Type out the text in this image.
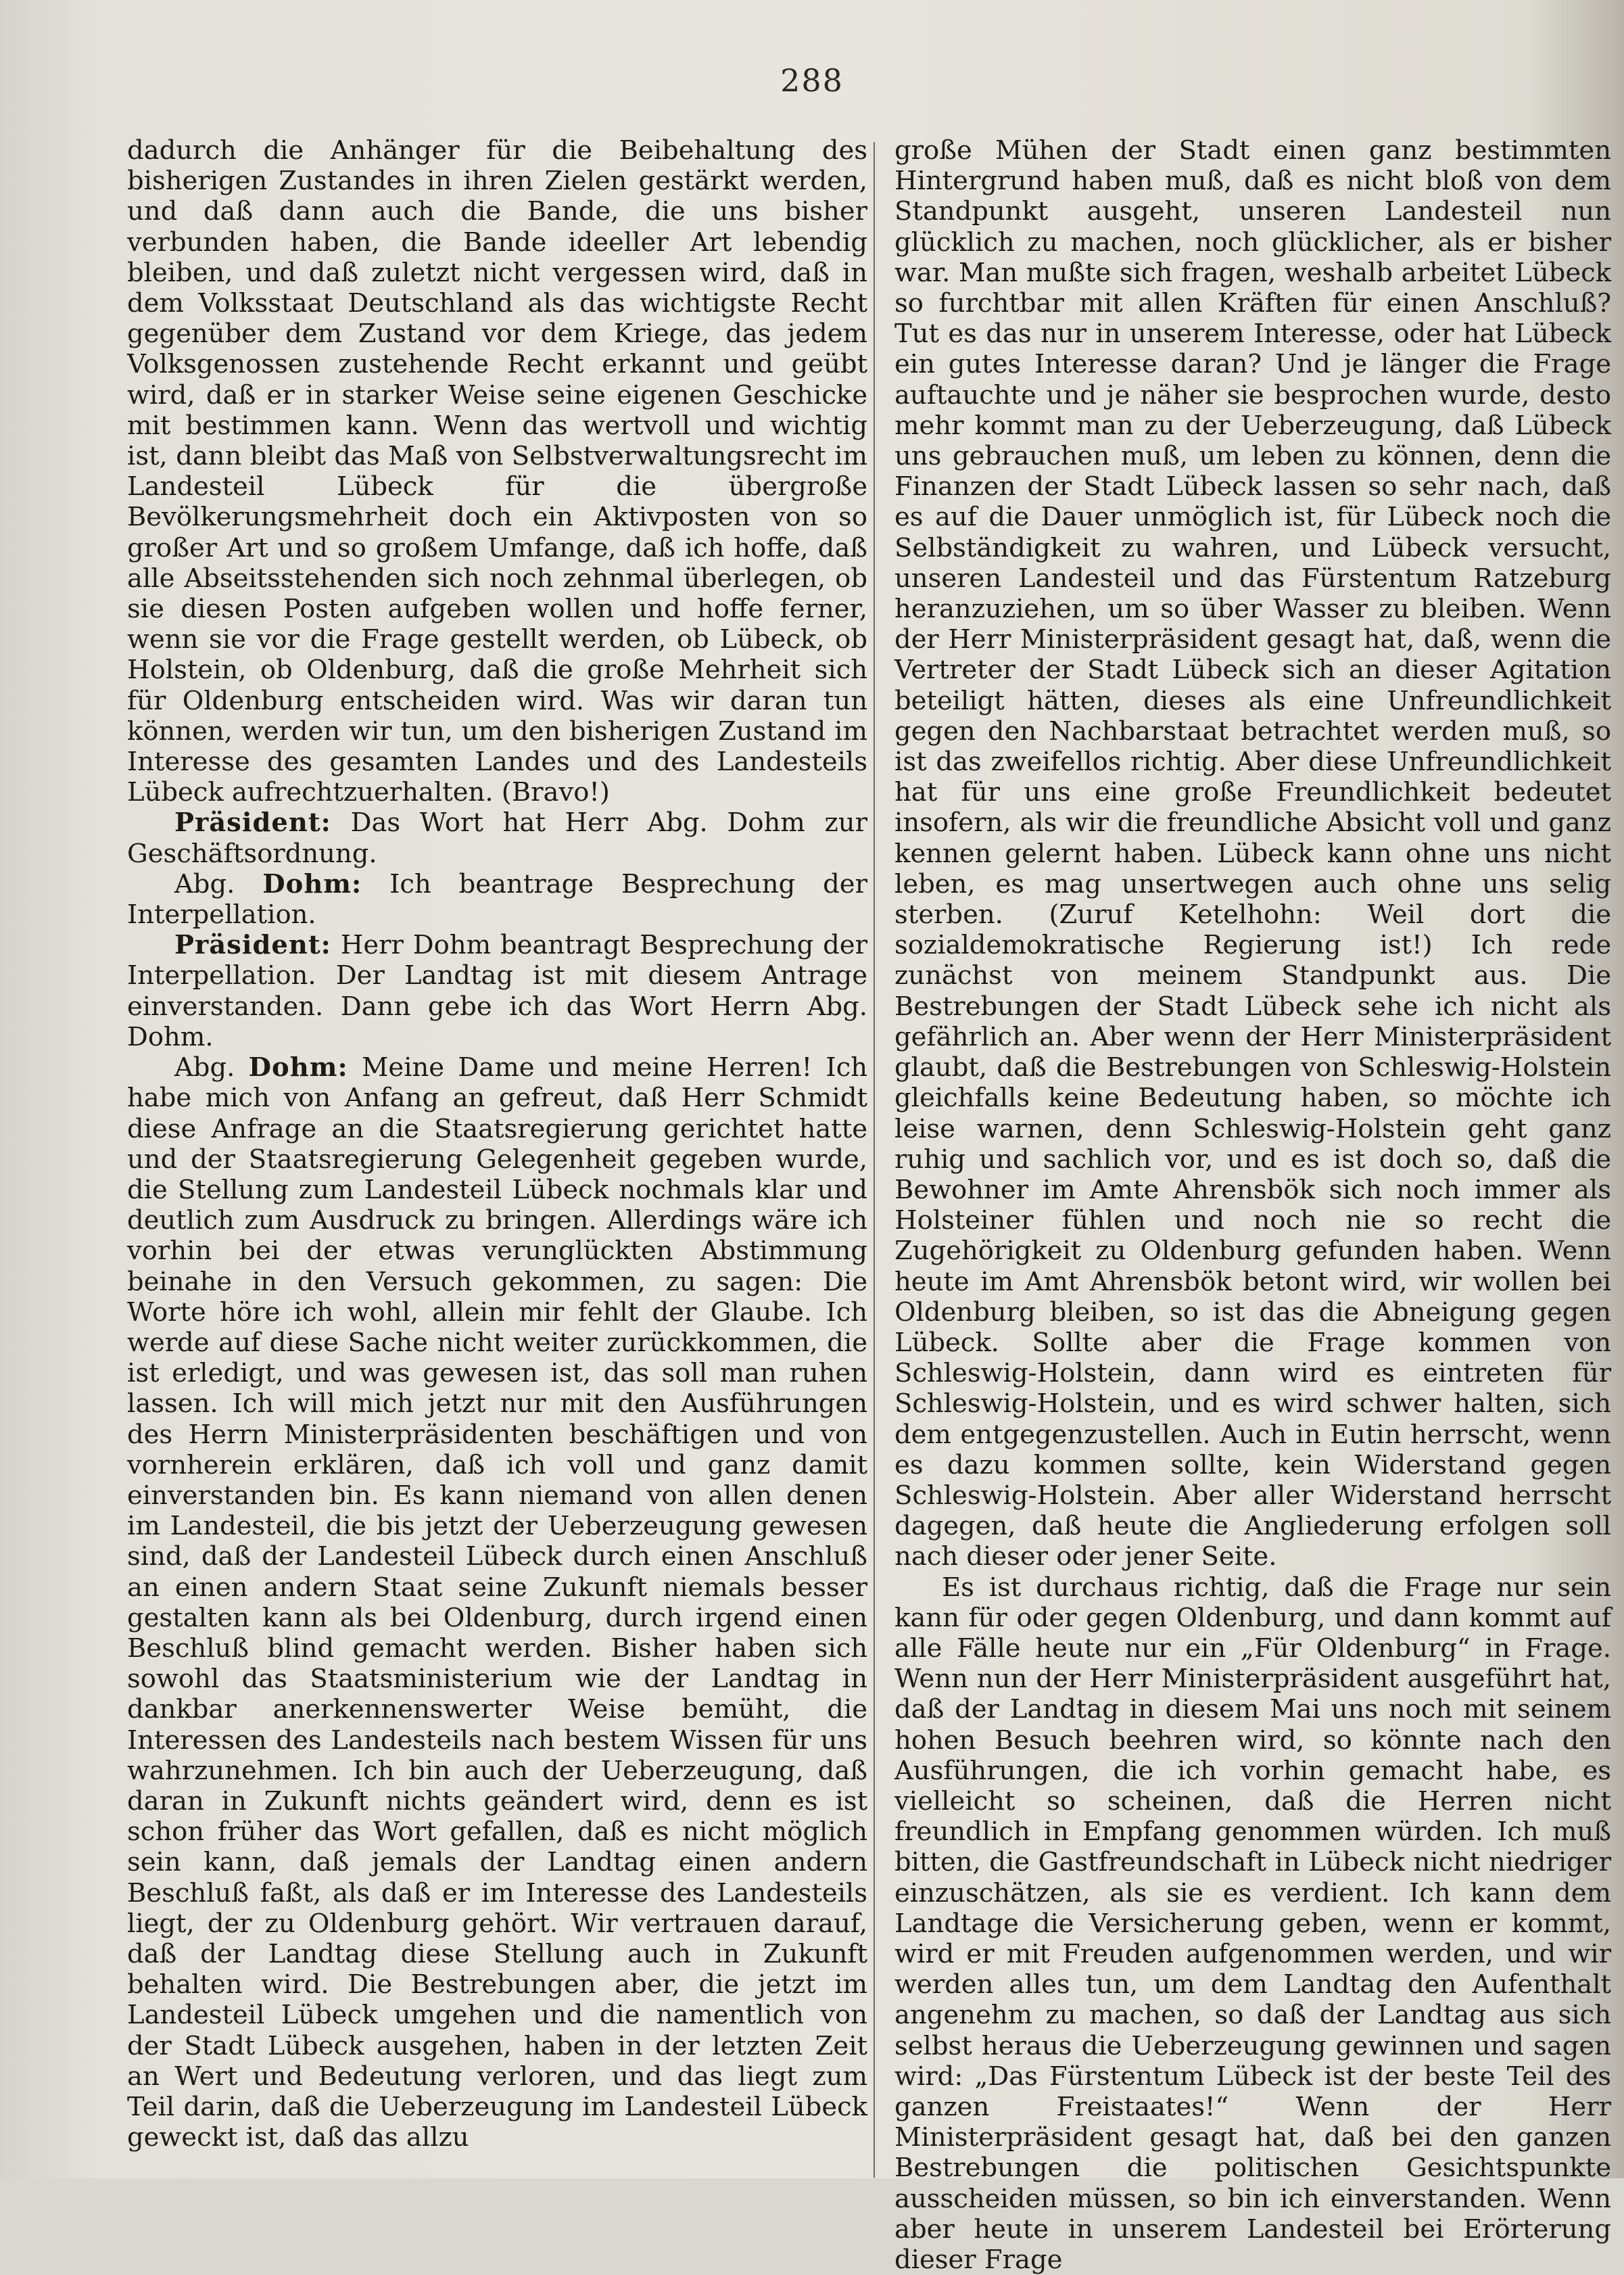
288

dadurch die Anhänger für die Beibehaltung des bisherigen Zustandes in ihren Zielen gestärkt werden, und daß dann auch die Bande, die uns bisher verbunden haben, die Bande ideeller Art lebendig bleiben, und daß zuletzt nicht vergessen wird, daß in dem Volksstaat Deutschland als das wichtigste Recht gegenüber dem Zustand vor dem Kriege, das jedem Volksgenossen zustehende Recht erkannt und geübt wird, daß er in starker Weise seine eigenen Geschicke mit bestimmen kann. Wenn das wertvoll und wichtig ist, dann bleibt das Maß von Selbstverwaltungsrecht im Landesteil Lübeck für die übergroße Bevölkerungsmehrheit doch ein Aktivposten von so großer Art und so großem Umfange, daß ich hoffe, daß alle Abseitsstehenden sich noch zehnmal überlegen, ob sie diesen Posten aufgeben wollen und hoffe ferner, wenn sie vor die Frage gestellt werden, ob Lübeck, ob Holstein, ob Oldenburg, daß die große Mehrheit sich für Oldenburg entscheiden wird. Was wir daran tun können, werden wir tun, um den bisherigen Zustand im Interesse des gesamten Landes und des Landesteils Lübeck aufrechtzuerhalten. (Bravo!)

Präsident: Das Wort hat Herr Abg. Dohm zur Geschäftsordnung.

Abg. Dohm: Ich beantrage Besprechung der Interpellation.

Präsident: Herr Dohm beantragt Besprechung der Interpellation. Der Landtag ist mit diesem Antrage einverstanden. Dann gebe ich das Wort Herrn Abg. Dohm.

Abg. Dohm: Meine Dame und meine Herren! Ich habe mich von Anfang an gefreut, daß Herr Schmidt diese Anfrage an die Staatsregierung gerichtet hatte und der Staatsregierung Gelegenheit gegeben wurde, die Stellung zum Landesteil Lübeck nochmals klar und deutlich zum Ausdruck zu bringen. Allerdings wäre ich vorhin bei der etwas verunglückten Abstimmung beinahe in den Versuch gekommen, zu sagen: Die Worte höre ich wohl, allein mir fehlt der Glaube. Ich werde auf diese Sache nicht weiter zurückkommen, die ist erledigt, und was gewesen ist, das soll man ruhen lassen. Ich will mich jetzt nur mit den Ausführungen des Herrn Ministerpräsidenten beschäftigen und von vornherein erklären, daß ich voll und ganz damit einverstanden bin. Es kann niemand von allen denen im Landesteil, die bis jetzt der Ueberzeugung gewesen sind, daß der Landesteil Lübeck durch einen Anschluß an einen andern Staat seine Zukunft niemals besser gestalten kann als bei Oldenburg, durch irgend einen Beschluß blind gemacht werden. Bisher haben sich sowohl das Staatsministerium wie der Landtag in dankbar anerkennenswerter Weise bemüht, die Interessen des Landesteils nach bestem Wissen für uns wahrzunehmen. Ich bin auch der Ueberzeugung, daß daran in Zukunft nichts geändert wird, denn es ist schon früher das Wort gefallen, daß es nicht möglich sein kann, daß jemals der Landtag einen andern Beschluß faßt, als daß er im Interesse des Landesteils liegt, der zu Oldenburg gehört. Wir vertrauen darauf, daß der Landtag diese Stellung auch in Zukunft behalten wird. Die Bestrebungen aber, die jetzt im Landesteil Lübeck umgehen und die namentlich von der Stadt Lübeck ausgehen, haben in der letzten Zeit an Wert und Bedeutung verloren, und das liegt zum Teil darin, daß die Ueberzeugung im Landesteil Lübeck geweckt ist, daß das allzu

große Mühen der Stadt einen ganz bestimmten Hintergrund haben muß, daß es nicht bloß von dem Standpunkt ausgeht, unseren Landesteil nun glücklich zu machen, noch glücklicher, als er bisher war. Man mußte sich fragen, weshalb arbeitet Lübeck so furchtbar mit allen Kräften für einen Anschluß? Tut es das nur in unserem Interesse, oder hat Lübeck ein gutes Interesse daran? Und je länger die Frage auftauchte und je näher sie besprochen wurde, desto mehr kommt man zu der Ueberzeugung, daß Lübeck uns gebrauchen muß, um leben zu können, denn die Finanzen der Stadt Lübeck lassen so sehr nach, daß es auf die Dauer unmöglich ist, für Lübeck noch die Selbständigkeit zu wahren, und Lübeck versucht, unseren Landesteil und das Fürstentum Ratzeburg heranzuziehen, um so über Wasser zu bleiben. Wenn der Herr Ministerpräsident gesagt hat, daß, wenn die Vertreter der Stadt Lübeck sich an dieser Agitation beteiligt hätten, dieses als eine Unfreundlichkeit gegen den Nachbarstaat betrachtet werden muß, so ist das zweifellos richtig. Aber diese Unfreundlichkeit hat für uns eine große Freundlichkeit bedeutet insofern, als wir die freundliche Absicht voll und ganz kennen gelernt haben. Lübeck kann ohne uns nicht leben, es mag unsertwegen auch ohne uns selig sterben. (Zuruf Ketelhohn: Weil dort die sozialdemokratische Regierung ist!) Ich rede zunächst von meinem Standpunkt aus. Die Bestrebungen der Stadt Lübeck sehe ich nicht als gefährlich an. Aber wenn der Herr Ministerpräsident glaubt, daß die Bestrebungen von Schleswig-Holstein gleichfalls keine Bedeutung haben, so möchte ich leise warnen, denn Schleswig-Holstein geht ganz ruhig und sachlich vor, und es ist doch so, daß die Bewohner im Amte Ahrensbök sich noch immer als Holsteiner fühlen und noch nie so recht die Zugehörigkeit zu Oldenburg gefunden haben. Wenn heute im Amt Ahrensbök betont wird, wir wollen bei Oldenburg bleiben, so ist das die Abneigung gegen Lübeck. Sollte aber die Frage kommen von Schleswig-Holstein, dann wird es eintreten für Schleswig-Holstein, und es wird schwer halten, sich dem entgegenzustellen. Auch in Eutin herrscht, wenn es dazu kommen sollte, kein Widerstand gegen Schleswig-Holstein. Aber aller Widerstand herrscht dagegen, daß heute die Angliederung erfolgen soll nach dieser oder jener Seite.

Es ist durchaus richtig, daß die Frage nur sein kann für oder gegen Oldenburg, und dann kommt auf alle Fälle heute nur ein „Für Oldenburg“ in Frage. Wenn nun der Herr Ministerpräsident ausgeführt hat, daß der Landtag in diesem Mai uns noch mit seinem hohen Besuch beehren wird, so könnte nach den Ausführungen, die ich vorhin gemacht habe, es vielleicht so scheinen, daß die Herren nicht freundlich in Empfang genommen würden. Ich muß bitten, die Gastfreundschaft in Lübeck nicht niedriger einzuschätzen, als sie es verdient. Ich kann dem Landtage die Versicherung geben, wenn er kommt, wird er mit Freuden aufgenommen werden, und wir werden alles tun, um dem Landtag den Aufenthalt angenehm zu machen, so daß der Landtag aus sich selbst heraus die Ueberzeugung gewinnen und sagen wird: „Das Fürstentum Lübeck ist der beste Teil des ganzen Freistaates!“ Wenn der Herr Ministerpräsident gesagt hat, daß bei den ganzen Bestrebungen die politischen Gesichtspunkte ausscheiden müssen, so bin ich einverstanden. Wenn aber heute in unserem Landesteil bei Erörterung dieser Frage
